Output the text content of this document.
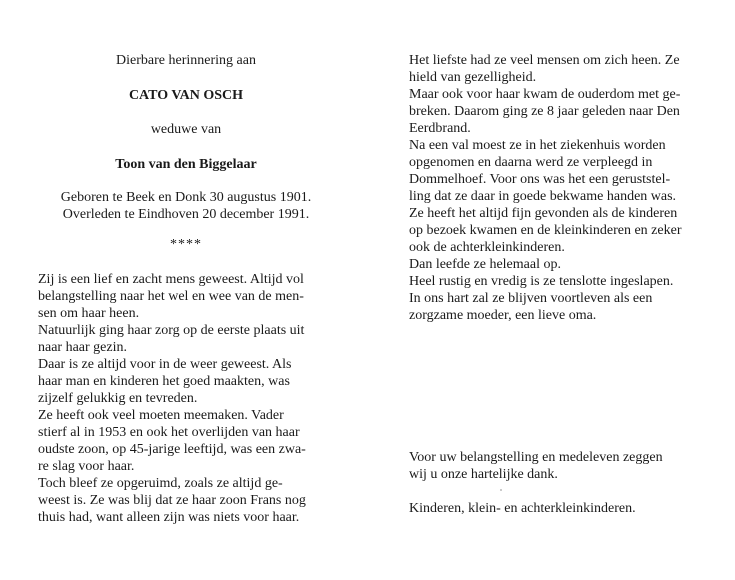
Dierbare herinnering aan

CATO VAN OSCH

weduwe van

Toon van den Biggelaar

Geboren te Beek en Donk 30 augustus 1901.

Overleden te Eindhoven 20 december 1991.

****

Zij is een lief en zacht mens geweest. Altijd vol

belangstelling naar het wel en wee van de men-

sen om haar heen.

Natuurlijk ging haar zorg op de eerste plaats uit

naar haar gezin.

Daar is ze altijd voor in de weer geweest. Als

haar man en kinderen het goed maakten, was

zijzelf gelukkig en tevreden.

Ze heeft ook veel moeten meemaken. Vader

stierf al in 1953 en ook het overlijden van haar

oudste zoon, op 45-jarige leeftijd, was een zwa-

re slag voor haar.

Toch bleef ze opgeruimd, zoals ze altijd ge-

weest is. Ze was blij dat ze haar zoon Frans nog

thuis had, want alleen zijn was niets voor haar.

Het liefste had ze veel mensen om zich heen. Ze

hield van gezelligheid.

Maar ook voor haar kwam de ouderdom met ge-

breken. Daarom ging ze 8 jaar geleden naar Den

Eerdbrand.

Na een val moest ze in het ziekenhuis worden

opgenomen en daarna werd ze verpleegd in

Dommelhoef. Voor ons was het een geruststel-

ling dat ze daar in goede bekwame handen was.

Ze heeft het altijd fijn gevonden als de kinderen

op bezoek kwamen en de kleinkinderen en zeker

ook de achterkleinkinderen.

Dan leefde ze helemaal op.

Heel rustig en vredig is ze tenslotte ingeslapen.

In ons hart zal ze blijven voortleven als een

zorgzame moeder, een lieve oma.

Voor uw belangstelling en medeleven zeggen

wij u onze hartelijke dank.

Kinderen, klein- en achterkleinkinderen.
